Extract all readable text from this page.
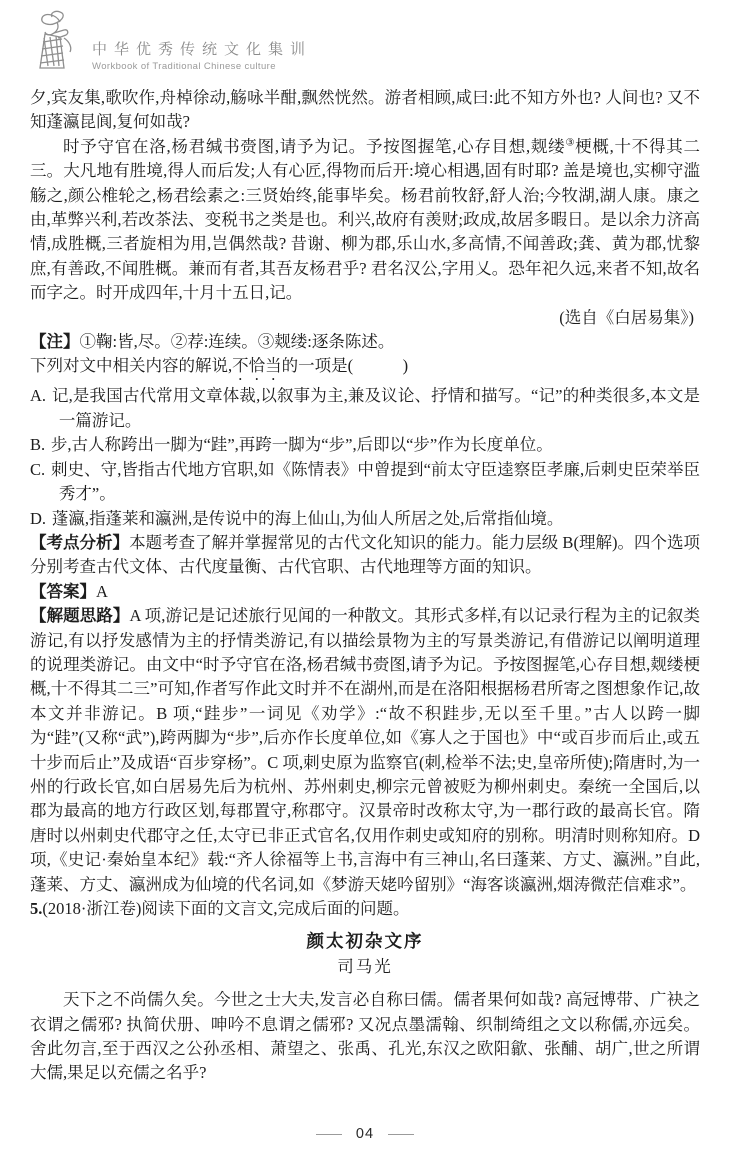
中华优秀传统文化集训
Workbook of Traditional Chinese culture

夕,宾友集,歌吹作,舟棹徐动,觞咏半酣,飘然恍然。游者相顾,咸曰:此不知方外也? 人间也? 又不知蓬瀛昆阆,复何如哉?

时予守官在洛,杨君缄书赍图,请予为记。予按图握笔,心存目想,觌缕③梗概,十不得其二三。大凡地有胜境,得人而后发;人有心匠,得物而后开:境心相遇,固有时耶? 盖是境也,实柳守滥觞之,颜公椎轮之,杨君绘素之:三贤始终,能事毕矣。杨君前牧舒,舒人治;今牧湖,湖人康。康之由,革弊兴利,若改茶法、变税书之类是也。利兴,故府有羡财;政成,故居多暇日。是以余力济高情,成胜概,三者旋相为用,岂偶然哉? 昔谢、柳为郡,乐山水,多高情,不闻善政;龚、黄为郡,忧黎庶,有善政,不闻胜概。兼而有者,其吾友杨君乎? 君名汉公,字用乂。恐年祀久远,来者不知,故名而字之。时开成四年,十月十五日,记。

(选自《白居易集》)

【注】①鞠:皆,尽。②荐:连续。③觌缕:逐条陈述。

下列对文中相关内容的解说,不恰当的一项是(　　　)

A. 记,是我国古代常用文章体裁,以叙事为主,兼及议论、抒情和描写。“记”的种类很多,本文是一篇游记。

B. 步,古人称跨出一脚为“跬”,再跨一脚为“步”,后即以“步”作为长度单位。

C. 刺史、守,皆指古代地方官职,如《陈情表》中曾提到“前太守臣逵察臣孝廉,后刺史臣荣举臣秀才”。

D. 蓬瀛,指蓬莱和瀛洲,是传说中的海上仙山,为仙人所居之处,后常指仙境。

【考点分析】本题考查了解并掌握常见的古代文化知识的能力。能力层级 B(理解)。四个选项分别考查古代文体、古代度量衡、古代官职、古代地理等方面的知识。

【答案】A

【解题思路】A 项,游记是记述旅行见闻的一种散文。其形式多样,有以记录行程为主的记叙类游记,有以抒发感情为主的抒情类游记,有以描绘景物为主的写景类游记,有借游记以阐明道理的说理类游记。由文中“时予守官在洛,杨君缄书赍图,请予为记。予按图握笔,心存目想,觌缕梗概,十不得其二三”可知,作者写作此文时并不在湖州,而是在洛阳根据杨君所寄之图想象作记,故本文并非游记。B 项,“跬步”一词见《劝学》:“故不积跬步,无以至千里。”古人以跨一脚为“跬”(又称“武”),跨两脚为“步”,后亦作长度单位,如《寡人之于国也》中“或百步而后止,或五十步而后止”及成语“百步穿杨”。C 项,刺史原为监察官(刺,检举不法;史,皇帝所使);隋唐时,为一州的行政长官,如白居易先后为杭州、苏州刺史,柳宗元曾被贬为柳州刺史。秦统一全国后,以郡为最高的地方行政区划,每郡置守,称郡守。汉景帝时改称太守,为一郡行政的最高长官。隋唐时以州刺史代郡守之任,太守已非正式官名,仅用作刺史或知府的别称。明清时则称知府。D 项,《史记·秦始皇本纪》载:“齐人徐福等上书,言海中有三神山,名曰蓬莱、方丈、瀛洲。”自此,蓬莱、方丈、瀛洲成为仙境的代名词,如《梦游天姥吟留别》“海客谈瀛洲,烟涛微茫信难求”。

5.(2018·浙江卷)阅读下面的文言文,完成后面的问题。

颜太初杂文序

司马光

天下之不尚儒久矣。今世之士大夫,发言必自称曰儒。儒者果何如哉? 高冠博带、广袂之衣谓之儒邪? 执简伏册、呻吟不息谓之儒邪? 又况点墨濡翰、织制绮组之文以称儒,亦远矣。舍此勿言,至于西汉之公孙丞相、萧望之、张禹、孔光,东汉之欧阳歙、张酺、胡广,世之所谓大儒,果足以充儒之名乎?

04
